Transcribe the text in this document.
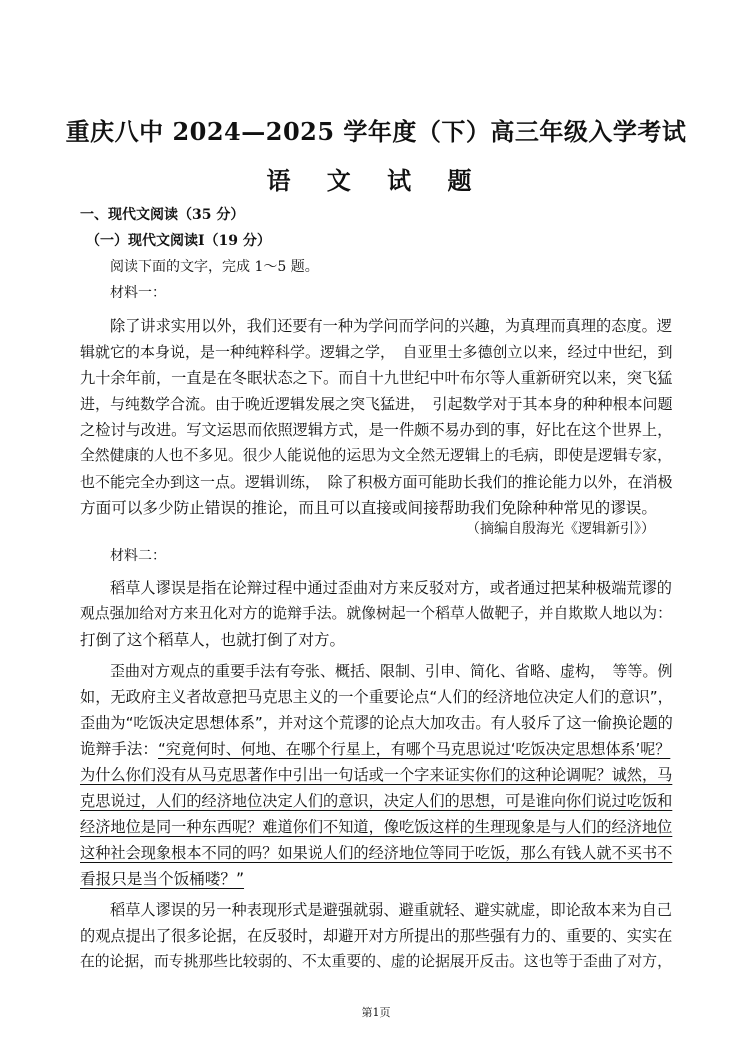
重庆八中 2024—2025 学年度（下）高三年级入学考试
语 文 试 题
一、现代文阅读（35 分）
（一）现代文阅读Ⅰ（19 分）
阅读下面的文字，完成 1～5 题。
材料一：
除了讲求实用以外，我们还要有一种为学问而学问的兴趣，为真理而真理的态度。逻
辑就它的本身说，是一种纯粹科学。逻辑之学，　自亚里士多德创立以来，经过中世纪，到
九十余年前，一直是在冬眠状态之下。而自十九世纪中叶布尔等人重新研究以来，突飞猛
进，与纯数学合流。由于晚近逻辑发展之突飞猛进，　引起数学对于其本身的种种根本问题
之检讨与改进。写文运思而依照逻辑方式，是一件颇不易办到的事，好比在这个世界上，
全然健康的人也不多见。很少人能说他的运思为文全然无逻辑上的毛病，即使是逻辑专家，
也不能完全办到这一点。逻辑训练，　除了积极方面可能助长我们的推论能力以外，在消极
方面可以多少防止错误的推论，而且可以直接或间接帮助我们免除种种常见的谬误。
（摘编自殷海光《逻辑新引》）
材料二：
稻草人谬误是指在论辩过程中通过歪曲对方来反驳对方，或者通过把某种极端荒谬的
观点强加给对方来丑化对方的诡辩手法。就像树起一个稻草人做靶子，并自欺欺人地以为：
打倒了这个稻草人，也就打倒了对方。
歪曲对方观点的重要手法有夸张、概括、限制、引申、简化、省略、虚构，　等等。例
如，无政府主义者故意把马克思主义的一个重要论点“人们的经济地位决定人们的意识”，
歪曲为“吃饭决定思想体系”，并对这个荒谬的论点大加攻击。有人驳斥了这一偷换论题的
诡辩手法： “究竟何时、何地、在哪个行星上，有哪个马克思说过‘吃饭决定思想体系’呢？
为什么你们没有从马克思著作中引出一句话或一个字来证实你们的这种论调呢？诚然，马
克思说过，人们的经济地位决定人们的意识，决定人们的思想，可是谁向你们说过吃饭和
经济地位是同一种东西呢？难道你们不知道，像吃饭这样的生理现象是与人们的经济地位
这种社会现象根本不同的吗？如果说人们的经济地位等同于吃饭，那么有钱人就不买书不
看报只是当个饭桶喽？”
稻草人谬误的另一种表现形式是避强就弱、避重就轻、避实就虚，即论敌本来为自己
的观点提出了很多论据，在反驳时，却避开对方所提出的那些强有力的、重要的、实实在
在的论据，而专挑那些比较弱的、不太重要的、虚的论据展开反击。这也等于歪曲了对方，
第1页
